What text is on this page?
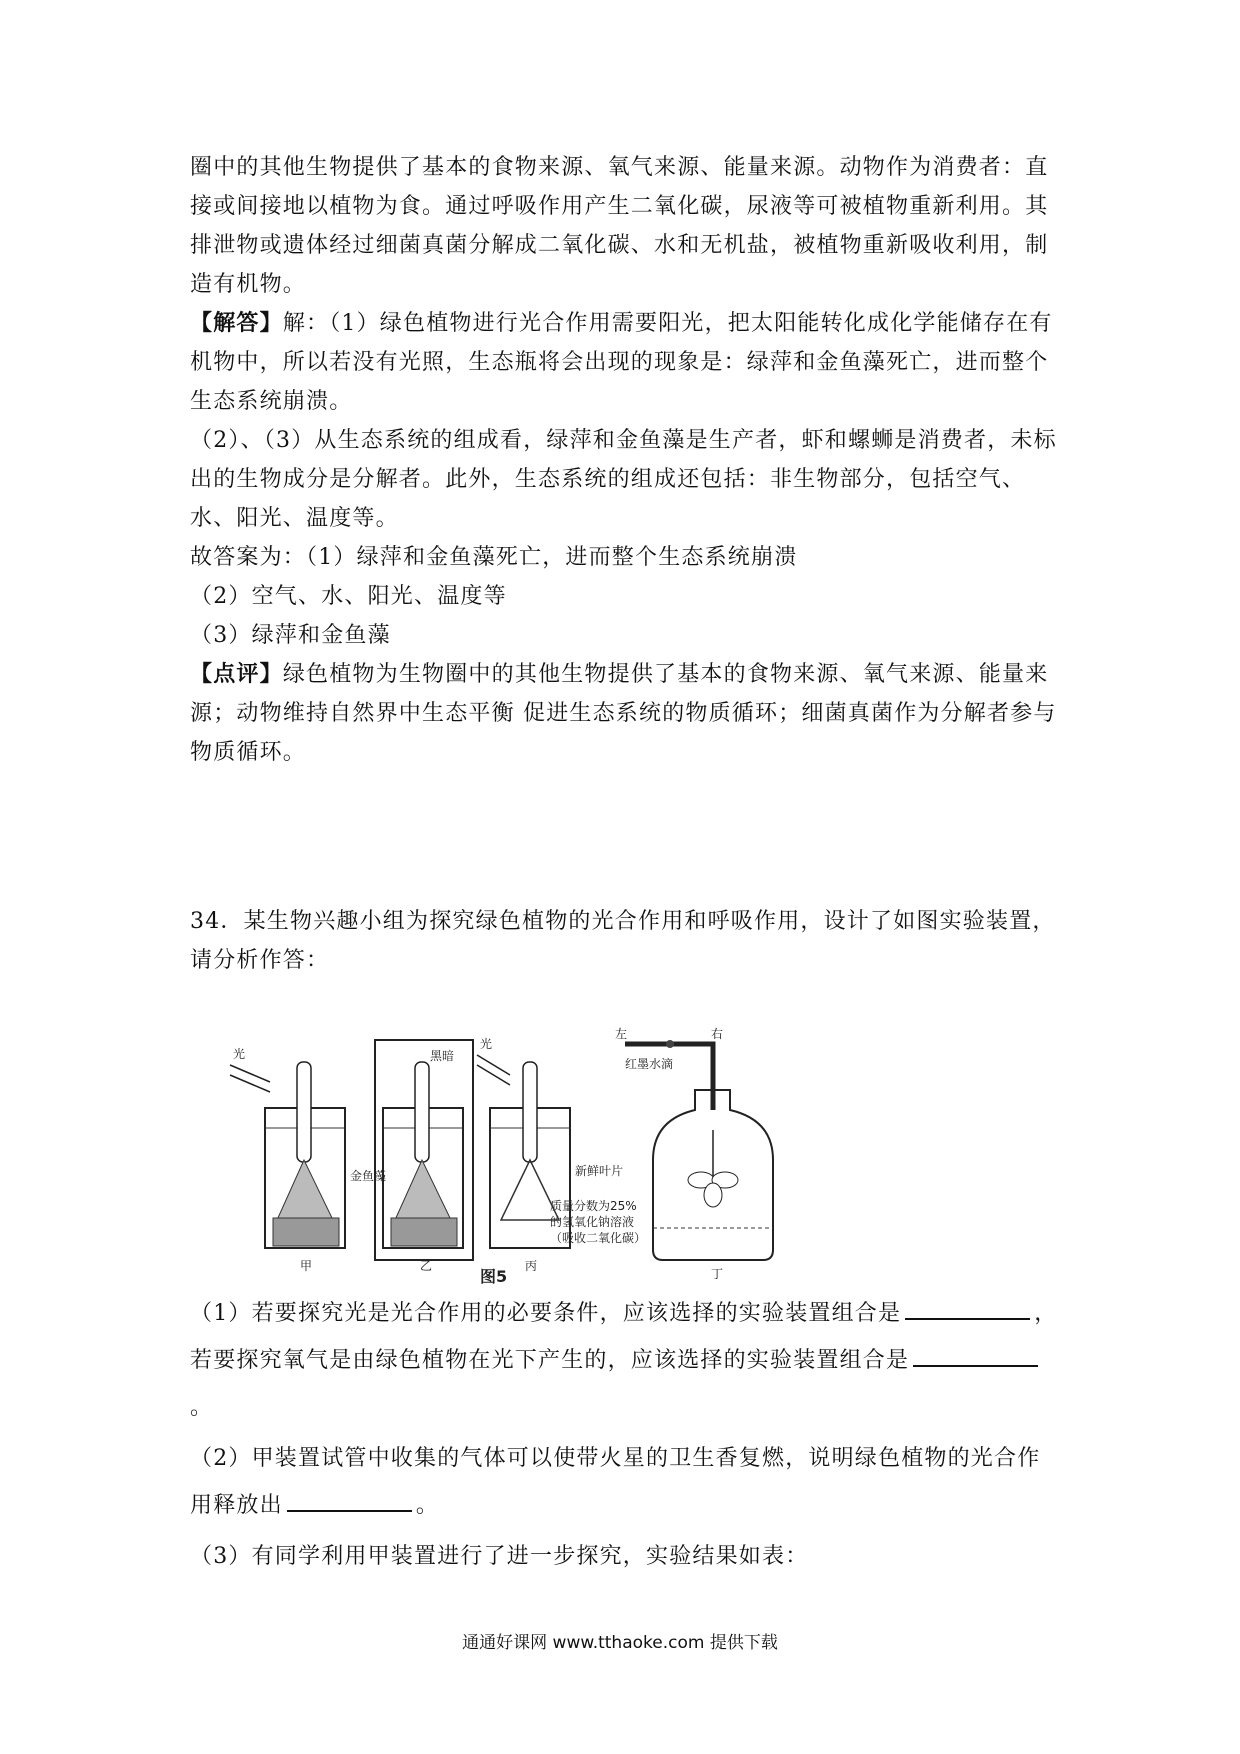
圈中的其他生物提供了基本的食物来源、氧气来源、能量来源。动物作为消费者：直接或间接地以植物为食。通过呼吸作用产生二氧化碳，尿液等可被植物重新利用。其排泄物或遗体经过细菌真菌分解成二氧化碳、水和无机盐，被植物重新吸收利用，制造有机物。

【解答】解：（1）绿色植物进行光合作用需要阳光，把太阳能转化成化学能储存在有机物中，所以若没有光照，生态瓶将会出现的现象是：绿萍和金鱼藻死亡，进而整个生态系统崩溃。

（2）、（3）从生态系统的组成看，绿萍和金鱼藻是生产者，虾和螺蛳是消费者，未标出的生物成分是分解者。此外，生态系统的组成还包括：非生物部分，包括空气、水、阳光、温度等。

故答案为：（1）绿萍和金鱼藻死亡，进而整个生态系统崩溃

（2）空气、水、阳光、温度等

（3）绿萍和金鱼藻

【点评】绿色植物为生物圈中的其他生物提供了基本的食物来源、氧气来源、能量来源；动物维持自然界中生态平衡 促进生态系统的物质循环；细菌真菌作为分解者参与物质循环。

34．某生物兴趣小组为探究绿色植物的光合作用和呼吸作用，设计了如图实验装置，请分析作答：

光
金鱼藻
甲
黑暗
乙
光
丙
左	右
红墨水滴
新鲜叶片
质量分数为25%
的氢氧化钠溶液
（吸收二氧化碳）
丁
图5

（1）若要探究光是光合作用的必要条件，应该选择的实验装置组合是	，若要探究氧气是由绿色植物在光下产生的，应该选择的实验装置组合是。

（2）甲装置试管中收集的气体可以使带火星的卫生香复燃，说明绿色植物的光合作用释放出	。

（3）有同学利用甲装置进行了进一步探究，实验结果如表：

通通好课网 www.tthaoke.com 提供下载
